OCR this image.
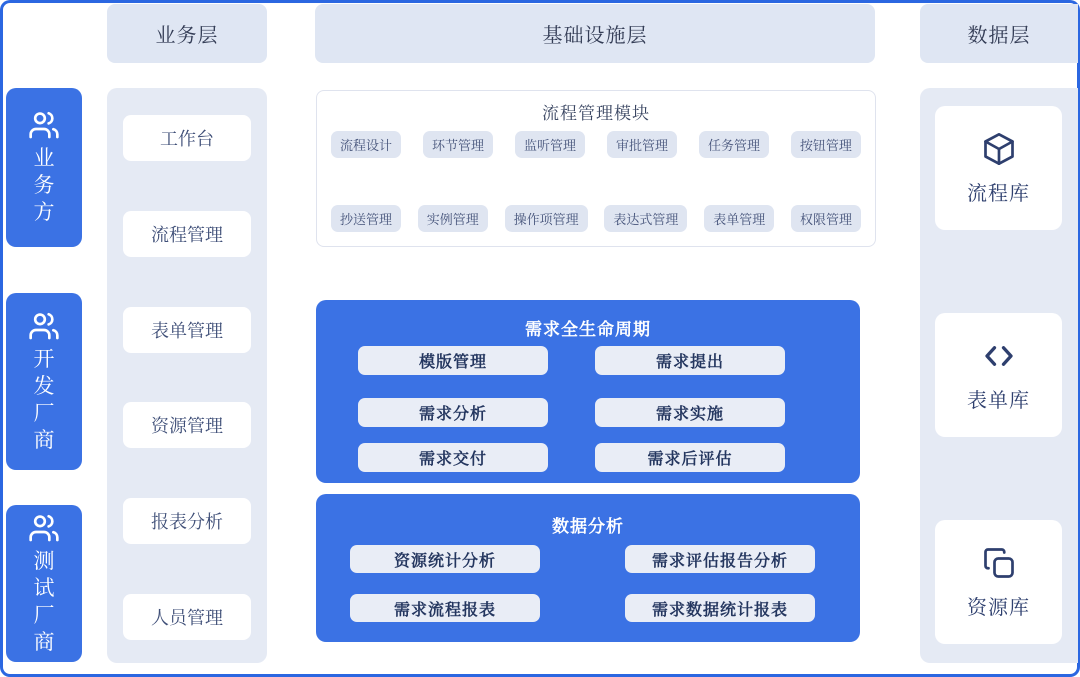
业务层	基础设施层	数据层
业务方
开发厂商
测试厂商
工作台
流程管理
表单管理
资源管理
报表分析
人员管理
流程管理模块
流程设计	环节管理	监听管理	审批管理	任务管理	按钮管理
抄送管理	实例管理	操作项管理	表达式管理	表单管理	权限管理
需求全生命周期
模版管理	需求提出
需求分析	需求实施
需求交付	需求后评估
数据分析
资源统计分析	需求评估报告分析
需求流程报表	需求数据统计报表
流程库
表单库
资源库
